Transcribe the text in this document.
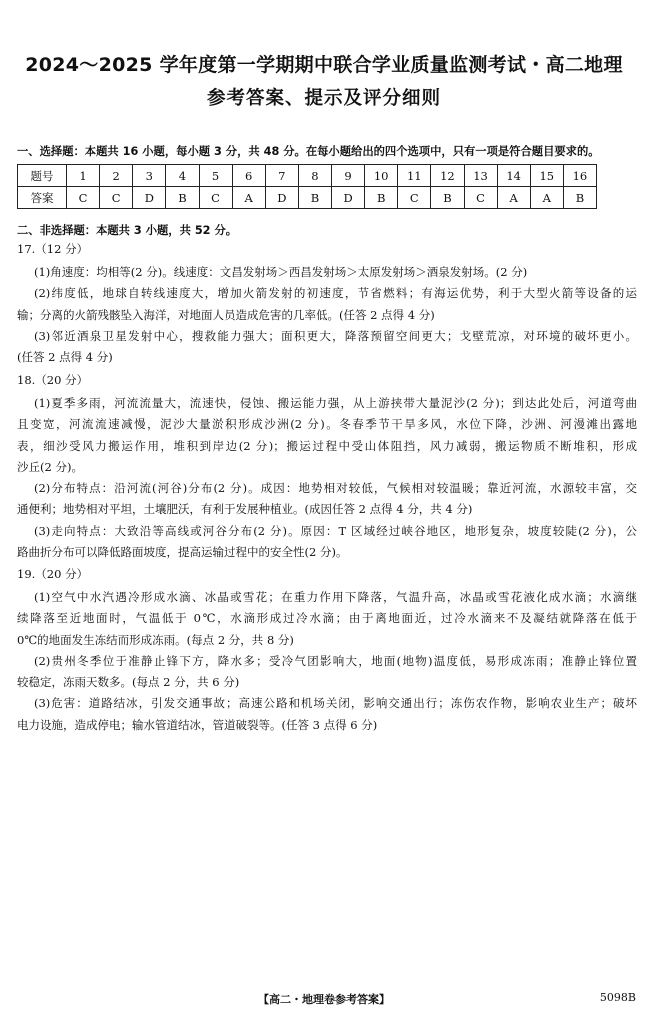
2024～2025 学年度第一学期期中联合学业质量监测考试・高二地理
参考答案、提示及评分细则
一、选择题：本题共 16 小题，每小题 3 分，共 48 分。在每小题给出的四个选项中，只有一项是符合题目要求的。
题号	1	2	3	4	5	6	7	8	9	10	11	12	13	14	15	16
答案	C	C	D	B	C	A	D	B	D	B	C	B	C	A	A	B
二、非选择题：本题共 3 小题，共 52 分。
17.（12 分）
(1)角速度：均相等(2 分)。线速度：文昌发射场＞西昌发射场＞太原发射场＞酒泉发射场。(2 分)
(2)纬度低，地球自转线速度大，增加火箭发射的初速度，节省燃料；有海运优势，利于大型火箭等设备的运
输；分离的火箭残骸坠入海洋，对地面人员造成危害的几率低。(任答 2 点得 4 分)
(3)邻近酒泉卫星发射中心，搜救能力强大；面积更大，降落预留空间更大；戈壁荒凉，对环境的破坏更小。
(任答 2 点得 4 分)
18.（20 分）
(1)夏季多雨，河流流量大，流速快，侵蚀、搬运能力强，从上游挟带大量泥沙(2 分)；到达此处后，河道弯曲
且变宽，河流流速减慢，泥沙大量淤积形成沙洲(2 分)。冬春季节干旱多风，水位下降，沙洲、河漫滩出露地
表，细沙受风力搬运作用，堆积到岸边(2 分)；搬运过程中受山体阻挡，风力减弱，搬运物质不断堆积，形成
沙丘(2 分)。
(2)分布特点：沿河流(河谷)分布(2 分)。成因：地势相对较低，气候相对较温暖；靠近河流，水源较丰富，交
通便利；地势相对平坦，土壤肥沃，有利于发展种植业。(成因任答 2 点得 4 分，共 4 分)
(3)走向特点：大致沿等高线或河谷分布(2 分)。原因：T 区域经过峡谷地区，地形复杂，坡度较陡(2 分)，公
路曲折分布可以降低路面坡度，提高运输过程中的安全性(2 分)。
19.（20 分）
(1)空气中水汽遇冷形成水滴、冰晶或雪花；在重力作用下降落，气温升高，冰晶或雪花液化成水滴；水滴继
续降落至近地面时，气温低于 0℃，水滴形成过冷水滴；由于离地面近，过冷水滴来不及凝结就降落在低于
0℃的地面发生冻结而形成冻雨。(每点 2 分，共 8 分)
(2)贵州冬季位于准静止锋下方，降水多；受冷气团影响大，地面(地物)温度低，易形成冻雨；准静止锋位置
较稳定，冻雨天数多。(每点 2 分，共 6 分)
(3)危害：道路结冰，引发交通事故；高速公路和机场关闭，影响交通出行；冻伤农作物，影响农业生产；破坏
电力设施，造成停电；输水管道结冰，管道破裂等。(任答 3 点得 6 分)
【高二・地理卷参考答案】	5098B
